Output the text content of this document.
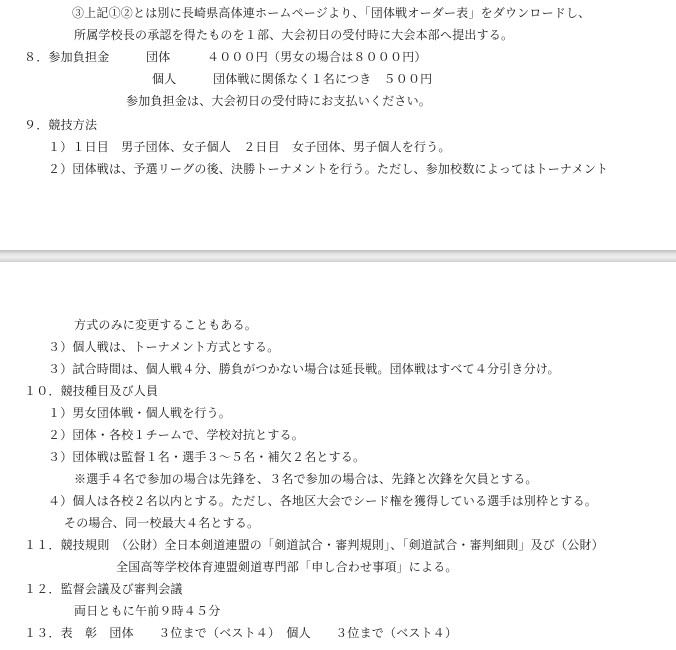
③上記①②とは別に長崎県高体連ホームページより、「団体戦オーダー表」をダウンロードし、
所属学校長の承認を得たものを１部、大会初日の受付時に大会本部へ提出する。
８．参加負担金　　　団体　　　４０００円（男女の場合は８０００円）
個人　　　団体戦に関係なく１名につき　５００円
参加負担金は、大会初日の受付時にお支払いください。
９．競技方法
１）１日目　男子団体、女子個人　２日目　女子団体、男子個人を行う。
２）団体戦は、予選リーグの後、決勝トーナメントを行う。ただし、参加校数によってはトーナメント
方式のみに変更することもある。
３）個人戦は、トーナメント方式とする。
３）試合時間は、個人戦４分、勝負がつかない場合は延長戦。団体戦はすべて４分引き分け。
１０．競技種目及び人員
１）男女団体戦・個人戦を行う。
２）団体・各校１チームで、学校対抗とする。
３）団体戦は監督１名・選手３～５名・補欠２名とする。
※選手４名で参加の場合は先鋒を、３名で参加の場合は、先鋒と次鋒を欠員とする。
４）個人は各校２名以内とする。ただし、各地区大会でシード権を獲得している選手は別枠とする。
その場合、同一校最大４名とする。
１１．競技規則　（公財）全日本剣道連盟の「剣道試合・審判規則」、「剣道試合・審判細則」及び（公財）
全国高等学校体育連盟剣道専門部「申し合わせ事項」による。
１２．監督会議及び審判会議
両日ともに午前９時４５分
１３．表　彰　団体　　３位まで（ベスト４）　個人　　３位まで（ベスト４）
